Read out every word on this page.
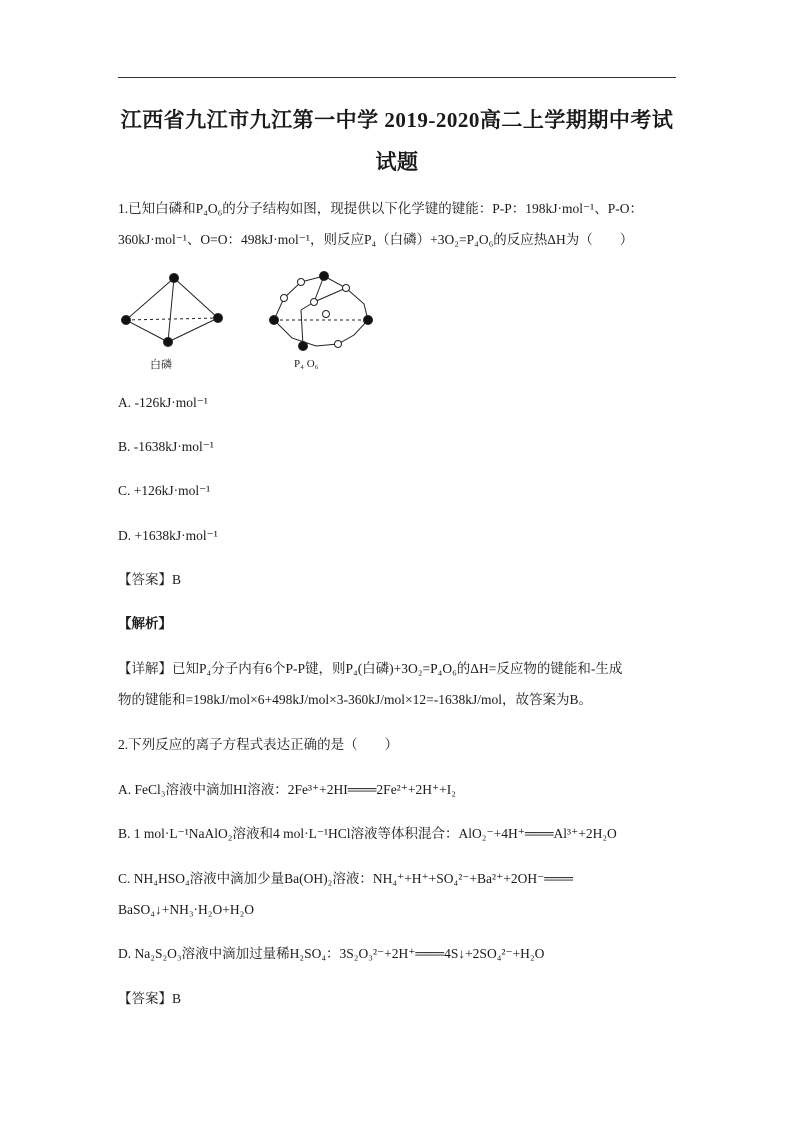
江西省九江市九江第一中学 2019-2020高二上学期期中考试
试题
1.已知白磷和P₄O₆的分子结构如图，现提供以下化学键的键能：P-P：198kJ·mol⁻¹、P-O：
360kJ·mol⁻¹、O=O：498kJ·mol⁻¹，则反应P₄（白磷）+3O₂=P₄O₆的反应热ΔH为（　　）
白磷	P₄ O₆
A. -126kJ·mol⁻¹
B. -1638kJ·mol⁻¹
C. +126kJ·mol⁻¹
D. +1638kJ·mol⁻¹
【答案】B
【解析】
【详解】已知P₄分子内有6个P-P键，则P₄(白磷)+3O₂=P₄O₆的ΔH=反应物的键能和-生成
物的键能和=198kJ/mol×6+498kJ/mol×3-360kJ/mol×12=-1638kJ/mol，故答案为B。
2.下列反应的离子方程式表达正确的是（　　）
A. FeCl₃溶液中滴加HI溶液：2Fe³⁺+2HI═══2Fe²⁺+2H⁺+I₂
B. 1 mol·L⁻¹NaAlO₂溶液和4 mol·L⁻¹HCl溶液等体积混合：AlO₂⁻+4H⁺═══Al³⁺+2H₂O
C. NH₄HSO₄溶液中滴加少量Ba(OH)₂溶液：NH₄⁺+H⁺+SO₄²⁻+Ba²⁺+2OH⁻═══
BaSO₄↓+NH₃·H₂O+H₂O
D. Na₂S₂O₃溶液中滴加过量稀H₂SO₄：3S₂O₃²⁻+2H⁺═══4S↓+2SO₄²⁻+H₂O
【答案】B
